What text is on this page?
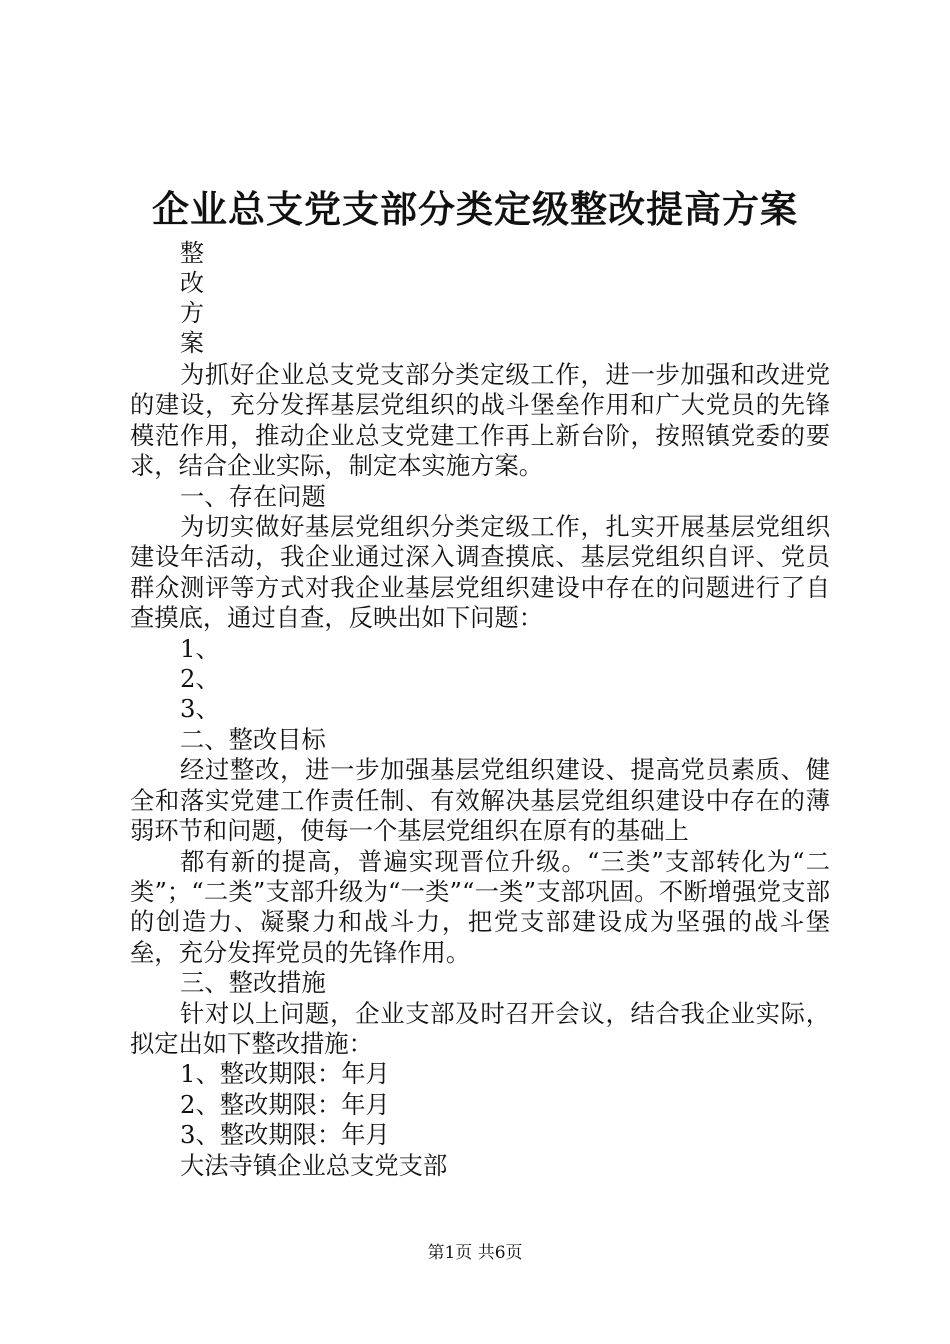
企业总支党支部分类定级整改提高方案
整
改
方
案

为抓好企业总支党支部分类定级工作，进一步加强和改进党的建设，充分发挥基层党组织的战斗堡垒作用和广大党员的先锋模范作用，推动企业总支党建工作再上新台阶，按照镇党委的要求，结合企业实际，制定本实施方案。

一、存在问题

为切实做好基层党组织分类定级工作，扎实开展基层党组织建设年活动，我企业通过深入调查摸底、基层党组织自评、党员群众测评等方式对我企业基层党组织建设中存在的问题进行了自查摸底，通过自查，反映出如下问题：

1、

2、

3、

二、整改目标

经过整改，进一步加强基层党组织建设、提高党员素质、健全和落实党建工作责任制、有效解决基层党组织建设中存在的薄弱环节和问题，使每一个基层党组织在原有的基础上

都有新的提高，普遍实现晋位升级。“三类”支部转化为“二类”；“二类”支部升级为“一类”“一类”支部巩固。不断增强党支部的创造力、凝聚力和战斗力，把党支部建设成为坚强的战斗堡垒，充分发挥党员的先锋作用。

三、整改措施

针对以上问题，企业支部及时召开会议，结合我企业实际，拟定出如下整改措施：

1、整改期限：年月

2、整改期限：年月

3、整改期限：年月

大法寺镇企业总支党支部

第1页 共6页
